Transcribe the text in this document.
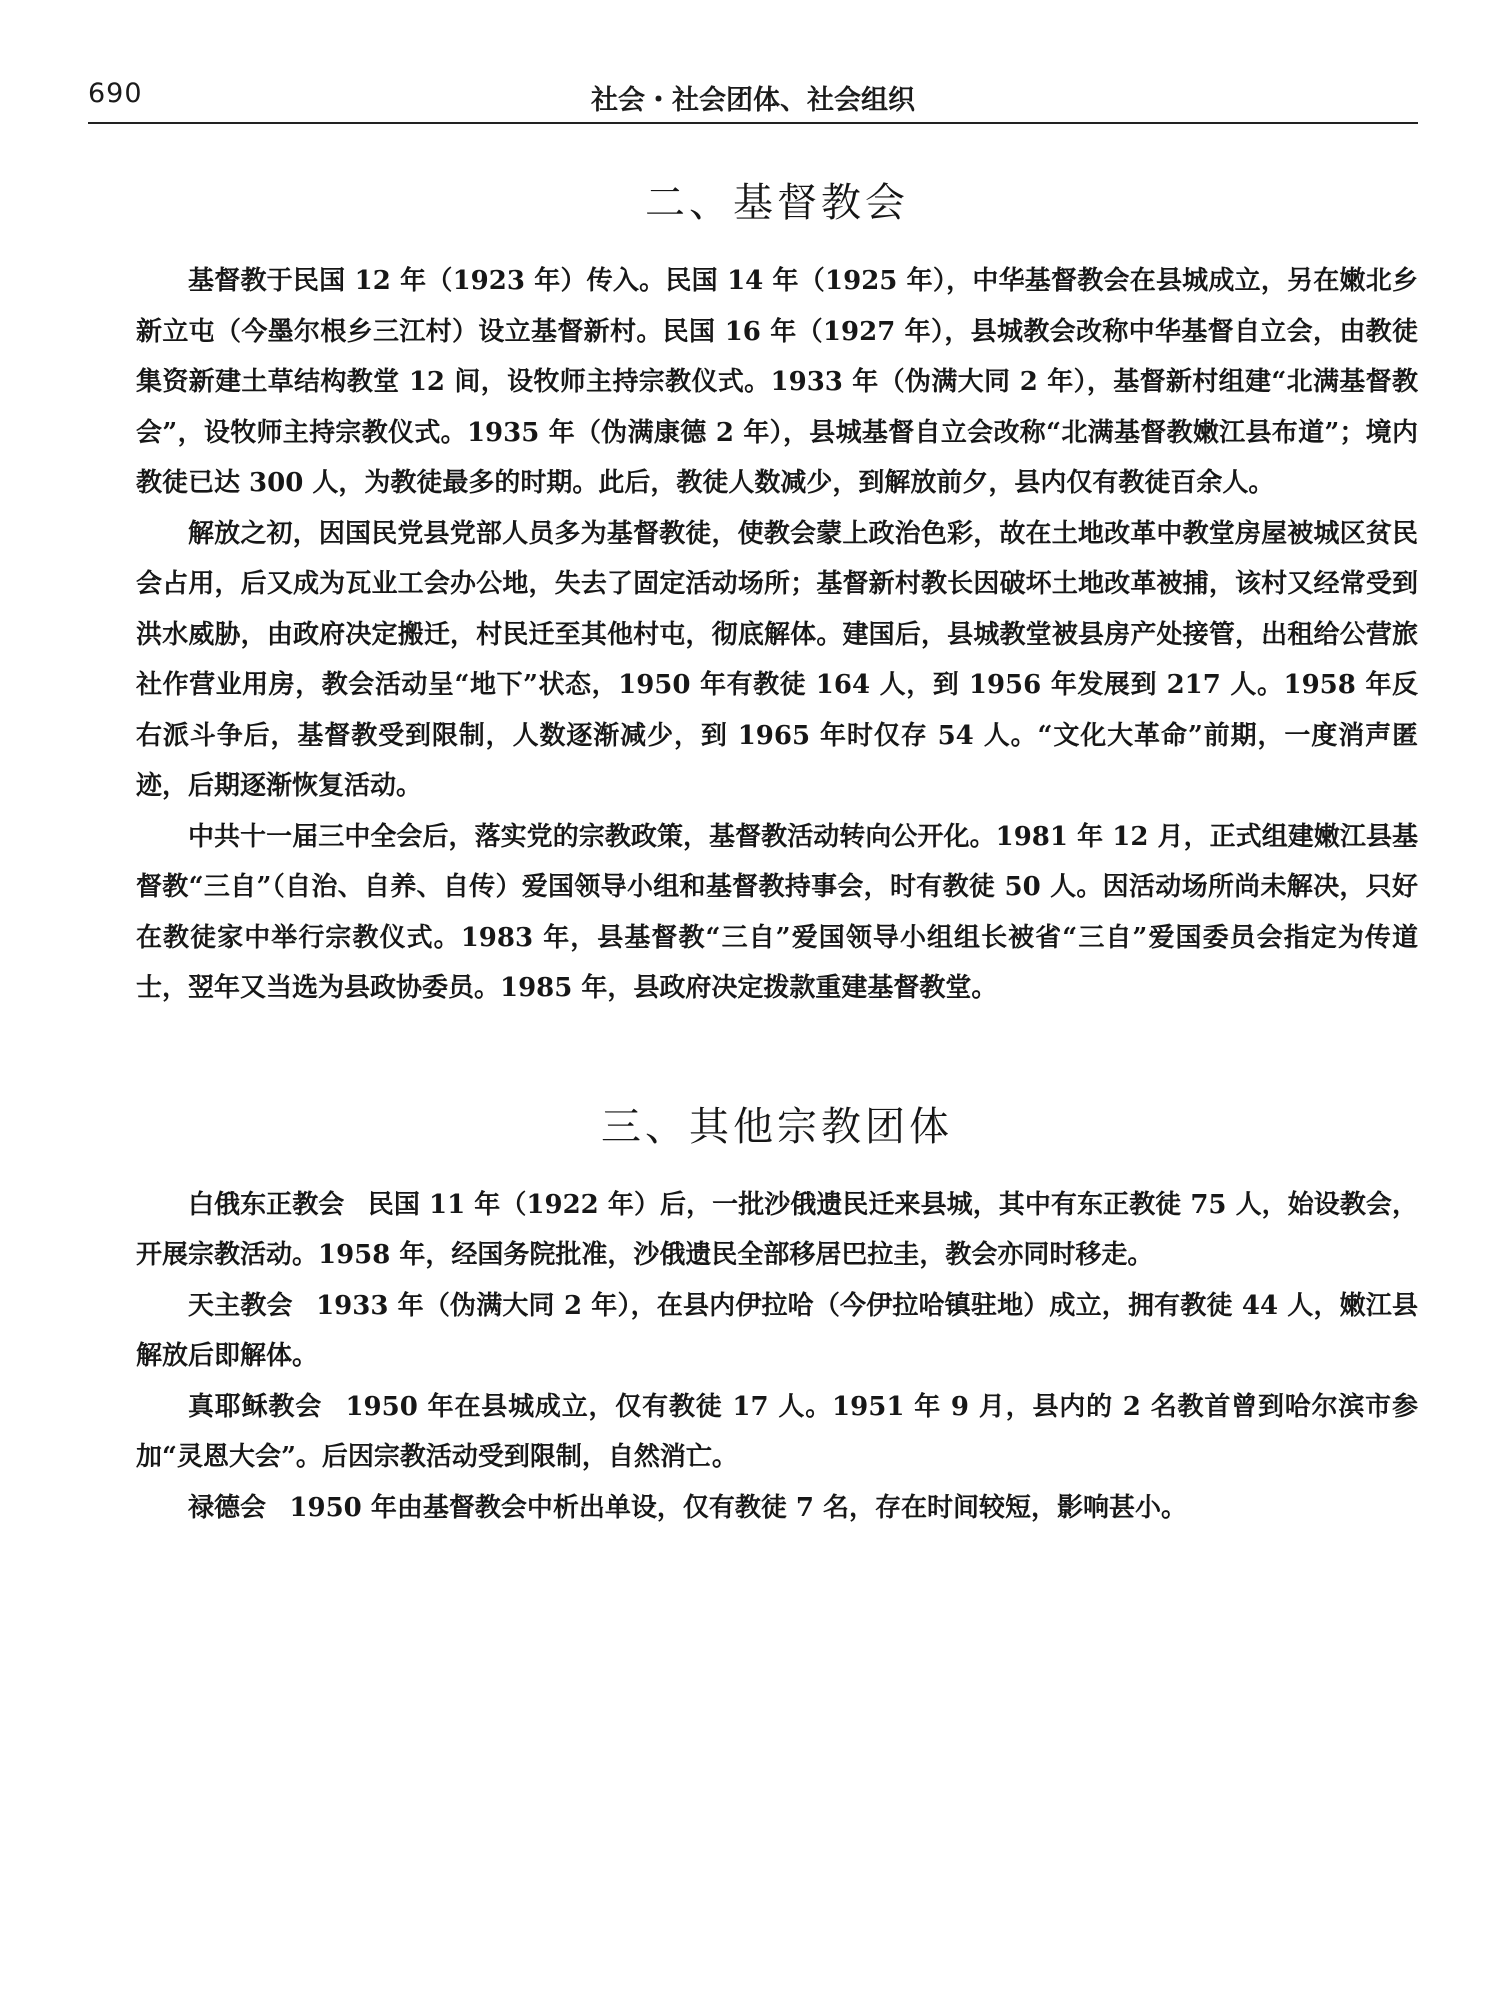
690	社会・社会团体、社会组织
二、基督教会

基督教于民国 12 年（1923 年）传入。民国 14 年（1925 年），中华基督教会在县城成立，另在嫩北乡新立屯（今墨尔根乡三江村）设立基督新村。民国 16 年（1927 年），县城教会改称中华基督自立会，由教徒集资新建土草结构教堂 12 间，设牧师主持宗教仪式。1933 年（伪满大同 2 年），基督新村组建“北满基督教会”，设牧师主持宗教仪式。1935 年（伪满康德 2 年），县城基督自立会改称“北满基督教嫩江县布道”；境内教徒已达 300 人，为教徒最多的时期。此后，教徒人数减少，到解放前夕，县内仅有教徒百余人。

解放之初，因国民党县党部人员多为基督教徒，使教会蒙上政治色彩，故在土地改革中教堂房屋被城区贫民会占用，后又成为瓦业工会办公地，失去了固定活动场所；基督新村教长因破坏土地改革被捕，该村又经常受到洪水威胁，由政府决定搬迁，村民迁至其他村屯，彻底解体。建国后，县城教堂被县房产处接管，出租给公营旅社作营业用房，教会活动呈“地下”状态，1950 年有教徒 164 人，到 1956 年发展到 217 人。1958 年反右派斗争后，基督教受到限制，人数逐渐减少，到 1965 年时仅存 54 人。“文化大革命”前期，一度消声匿迹，后期逐渐恢复活动。

中共十一届三中全会后，落实党的宗教政策，基督教活动转向公开化。1981 年 12 月，正式组建嫩江县基督教“三自”（自治、自养、自传）爱国领导小组和基督教持事会，时有教徒 50 人。因活动场所尚未解决，只好在教徒家中举行宗教仪式。1983 年，县基督教“三自”爱国领导小组组长被省“三自”爱国委员会指定为传道士，翌年又当选为县政协委员。1985 年，县政府决定拨款重建基督教堂。

三、其他宗教团体

白俄东正教会 民国 11 年（1922 年）后，一批沙俄遗民迁来县城，其中有东正教徒 75 人，始设教会，开展宗教活动。1958 年，经国务院批准，沙俄遗民全部移居巴拉圭，教会亦同时移走。

天主教会 1933 年（伪满大同 2 年），在县内伊拉哈（今伊拉哈镇驻地）成立，拥有教徒 44 人，嫩江县解放后即解体。

真耶稣教会 1950 年在县城成立，仅有教徒 17 人。1951 年 9 月，县内的 2 名教首曾到哈尔滨市参加“灵恩大会”。后因宗教活动受到限制，自然消亡。

禄德会 1950 年由基督教会中析出单设，仅有教徒 7 名，存在时间较短，影响甚小。
